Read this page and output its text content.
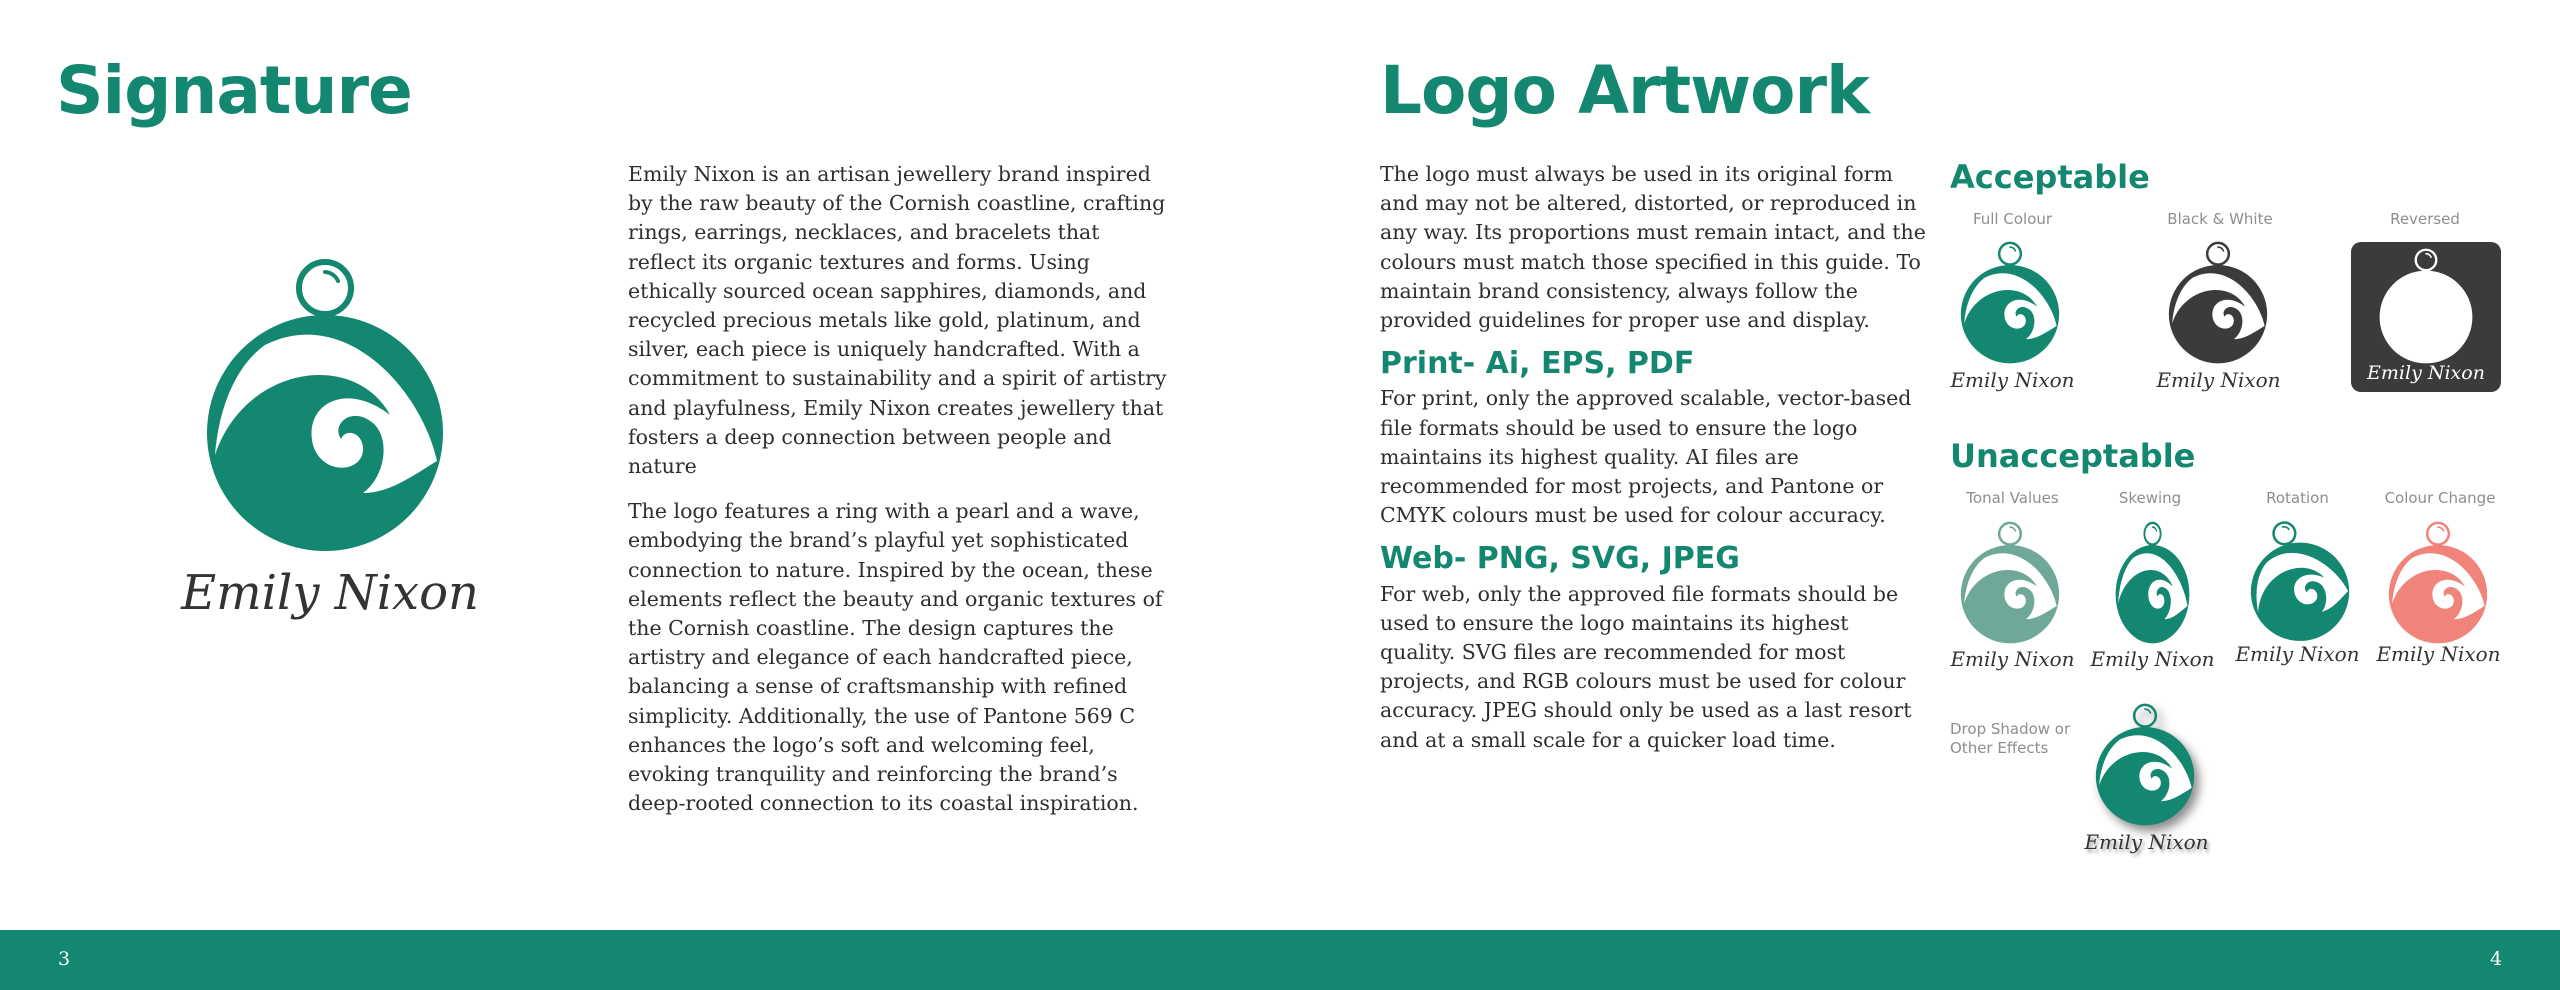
Signature
Emily Nixon

Emily Nixon is an artisan jewellery brand inspired by the raw beauty of the Cornish coastline, crafting rings, earrings, necklaces, and bracelets that reflect its organic textures and forms. Using ethically sourced ocean sapphires, diamonds, and recycled precious metals like gold, platinum, and silver, each piece is uniquely handcrafted. With a commitment to sustainability and a spirit of artistry and playfulness, Emily Nixon creates jewellery that fosters a deep connection between people and nature

The logo features a ring with a pearl and a wave, embodying the brand’s playful yet sophisticated connection to nature. Inspired by the ocean, these elements reflect the beauty and organic textures of the Cornish coastline. The design captures the artistry and elegance of each handcrafted piece, balancing a sense of craftsmanship with refined simplicity. Additionally, the use of Pantone 569 C enhances the logo’s soft and welcoming feel, evoking tranquility and reinforcing the brand’s deep-rooted connection to its coastal inspiration.

Logo Artwork

The logo must always be used in its original form and may not be altered, distorted, or reproduced in any way. Its proportions must remain intact, and the colours must match those specified in this guide. To maintain brand consistency, always follow the provided guidelines for proper use and display.

Print- Ai, EPS, PDF

For print, only the approved scalable, vector-based file formats should be used to ensure the logo maintains its highest quality. AI files are recommended for most projects, and Pantone or CMYK colours must be used for colour accuracy.

Web- PNG, SVG, JPEG

For web, only the approved file formats should be used to ensure the logo maintains its highest quality. SVG files are recommended for most projects, and RGB colours must be used for colour accuracy. JPEG should only be used as a last resort and at a small scale for a quicker load time.

Acceptable
Full Colour
Emily Nixon
Black & White
Emily Nixon
Reversed
Emily Nixon
Unacceptable
Tonal Values
Emily Nixon
Skewing
Emily Nixon
Rotation
Emily Nixon
Colour Change
Emily Nixon
Drop Shadow or Other Effects
Emily Nixon
3	4
